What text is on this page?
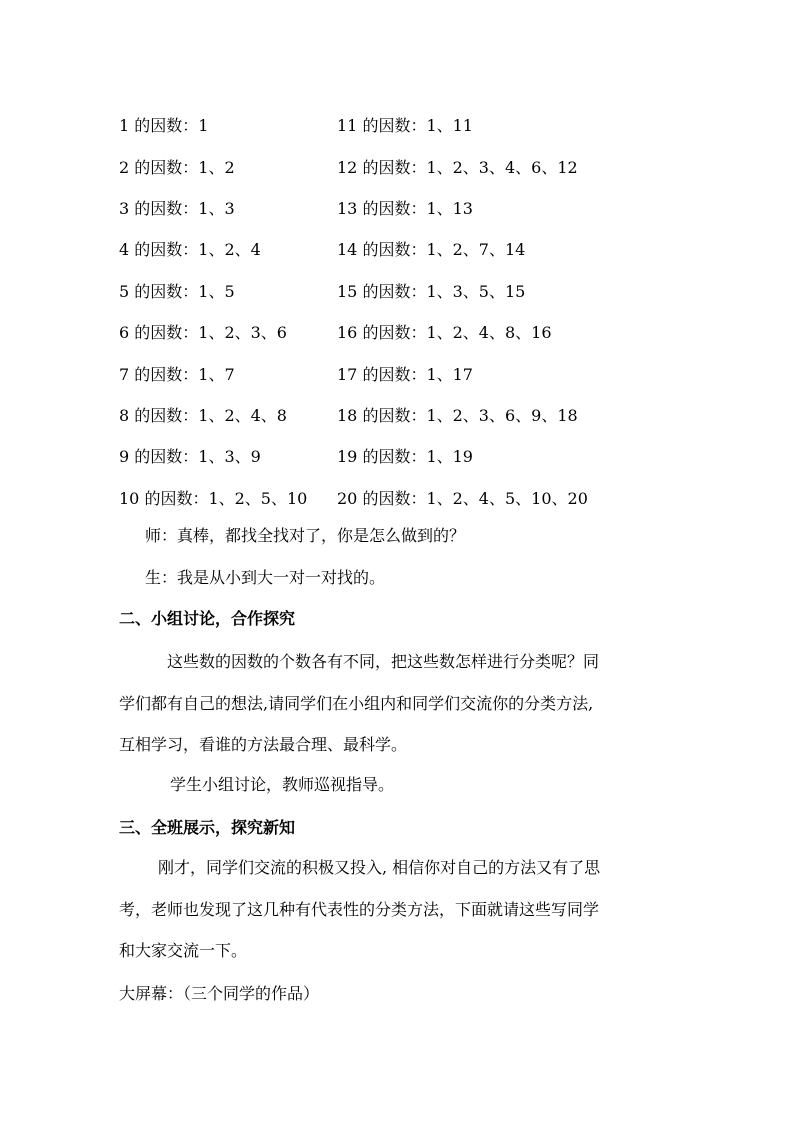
1 的因数：1	11 的因数：1、11
2 的因数：1、2	12 的因数：1、2、3、4、6、12
3 的因数：1、3	13 的因数：1、13
4 的因数：1、2、4	14 的因数：1、2、7、14
5 的因数：1、5	15 的因数：1、3、5、15
6 的因数：1、2、3、6	16 的因数：1、2、4、8、16
7 的因数：1、7	17 的因数：1、17
8 的因数：1、2、4、8	18 的因数：1、2、3、6、9、18
9 的因数：1、3、9	19 的因数：1、19
10 的因数：1、2、5、10	20 的因数：1、2、4、5、10、20
师：真棒，都找全找对了，你是怎么做到的？
生：我是从小到大一对一对找的。
二、小组讨论，合作探究
这些数的因数的个数各有不同，把这些数怎样进行分类呢？同
学们都有自己的想法,请同学们在小组内和同学们交流你的分类方法,
互相学习，看谁的方法最合理、最科学。
学生小组讨论，教师巡视指导。
三、全班展示，探究新知
刚才，同学们交流的积极又投入, 相信你对自己的方法又有了思
考，老师也发现了这几种有代表性的分类方法，下面就请这些写同学
和大家交流一下。
大屏幕：（三个同学的作品）
